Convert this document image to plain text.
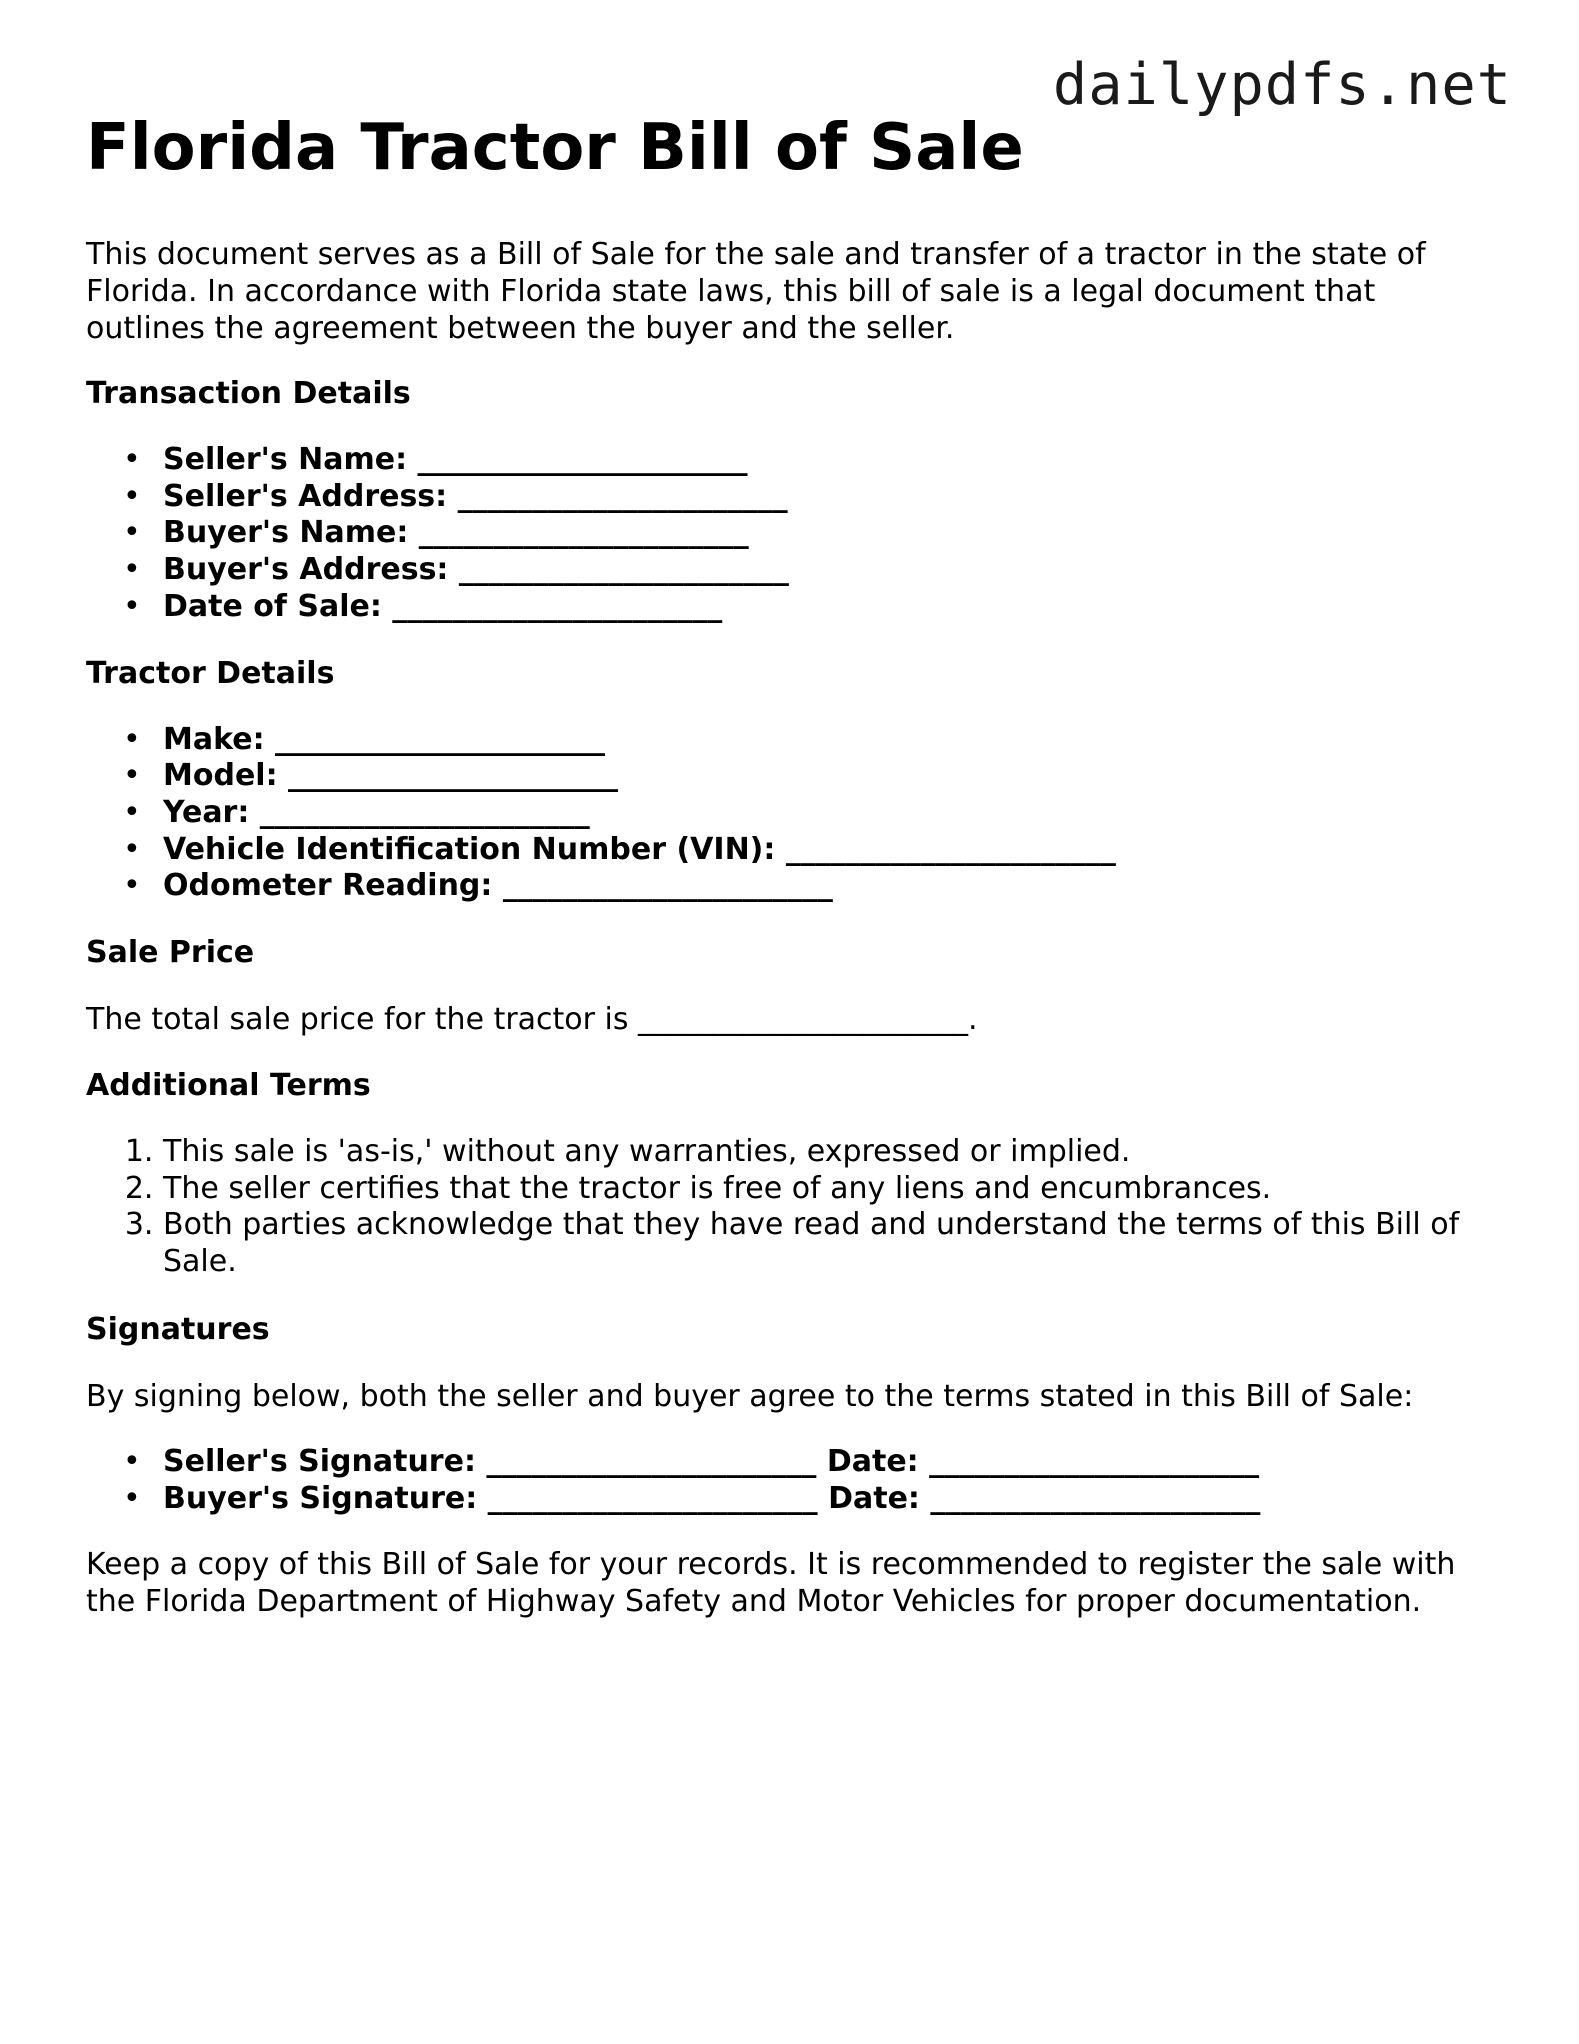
dailypdfs.net
Florida Tractor Bill of Sale

This document serves as a Bill of Sale for the sale and transfer of a tractor in the state of Florida. In accordance with Florida state laws, this bill of sale is a legal document that outlines the agreement between the buyer and the seller.

Transaction Details
• Seller's Name: ______________________
• Seller's Address: ______________________
• Buyer's Name: ______________________
• Buyer's Address: ______________________
• Date of Sale: ______________________
Tractor Details
• Make: ______________________
• Model: ______________________
• Year: ______________________
• Vehicle Identification Number (VIN): ______________________
• Odometer Reading: ______________________
Sale Price

The total sale price for the tractor is ______________________.

Additional Terms
1. This sale is 'as-is,' without any warranties, expressed or implied.
2. The seller certifies that the tractor is free of any liens and encumbrances.
3. Both parties acknowledge that they have read and understand the terms of this Bill of Sale.
Signatures

By signing below, both the seller and buyer agree to the terms stated in this Bill of Sale:

• Seller's Signature: ______________________ Date: ______________________
• Buyer's Signature: ______________________ Date: ______________________

Keep a copy of this Bill of Sale for your records. It is recommended to register the sale with the Florida Department of Highway Safety and Motor Vehicles for proper documentation.
